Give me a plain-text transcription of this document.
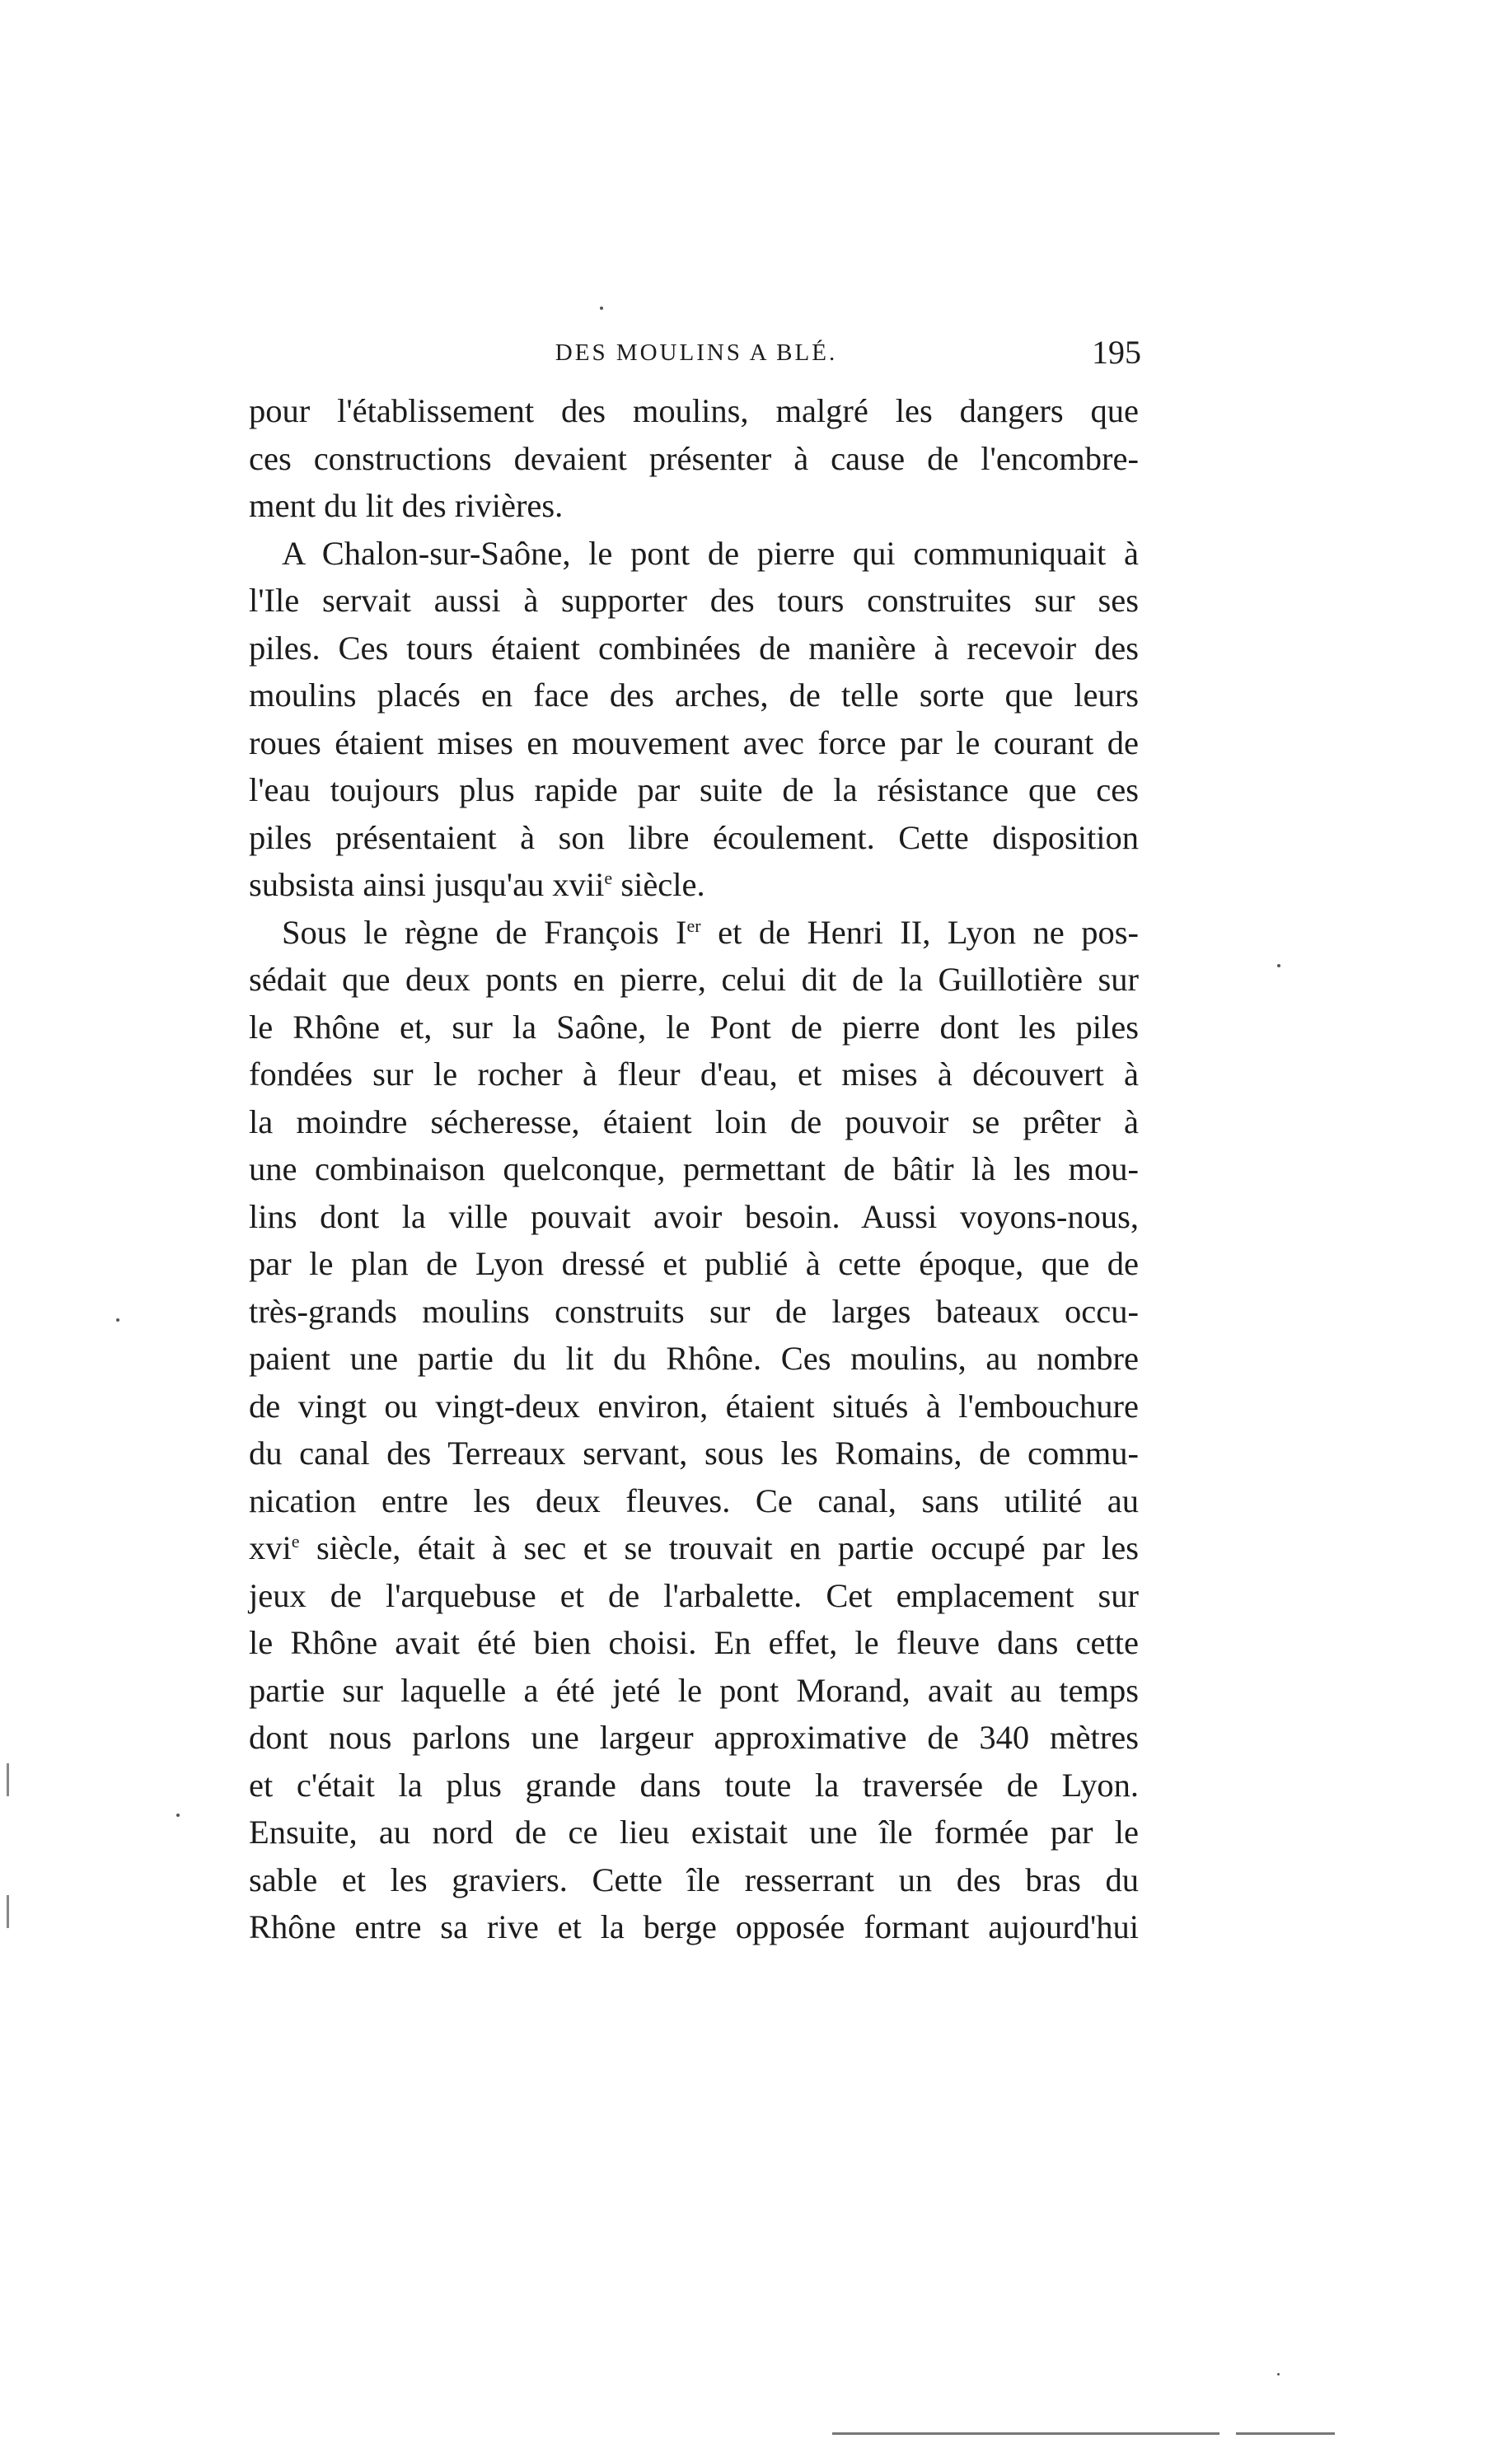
DES MOULINS A BLÉ.	195
pour l'établissement des moulins, malgré les dangers que
ces constructions devaient présenter à cause de l'encombre-
ment du lit des rivières.
A Chalon-sur-Saône, le pont de pierre qui communiquait à
l'Ile servait aussi à supporter des tours construites sur ses
piles. Ces tours étaient combinées de manière à recevoir des
moulins placés en face des arches, de telle sorte que leurs
roues étaient mises en mouvement avec force par le courant de
l'eau toujours plus rapide par suite de la résistance que ces
piles présentaient à son libre écoulement. Cette disposition
subsista ainsi jusqu'au xvii$^e$ siècle.
Sous le règne de François Ier et de Henri II, Lyon ne pos-
sédait que deux ponts en pierre, celui dit de la Guillotière sur
le Rhône et, sur la Saône, le Pont de pierre dont les piles
fondées sur le rocher à fleur d'eau, et mises à découvert à
la moindre sécheresse, étaient loin de pouvoir se prêter à
une combinaison quelconque, permettant de bâtir là les mou-
lins dont la ville pouvait avoir besoin. Aussi voyons-nous,
par le plan de Lyon dressé et publié à cette époque, que de
très-grands moulins construits sur de larges bateaux occu-
paient une partie du lit du Rhône. Ces moulins, au nombre
de vingt ou vingt-deux environ, étaient situés à l'embouchure
du canal des Terreaux servant, sous les Romains, de commu-
nication entre les deux fleuves. Ce canal, sans utilité au
xvi$^e$ siècle, était à sec et se trouvait en partie occupé par les
jeux de l'arquebuse et de l'arbalette. Cet emplacement sur
le Rhône avait été bien choisi. En effet, le fleuve dans cette
partie sur laquelle a été jeté le pont Morand, avait au temps
dont nous parlons une largeur approximative de 340 mètres
et c'était la plus grande dans toute la traversée de Lyon.
Ensuite, au nord de ce lieu existait une île formée par le
sable et les graviers. Cette île resserrant un des bras du
Rhône entre sa rive et la berge opposée formant aujourd'hui
